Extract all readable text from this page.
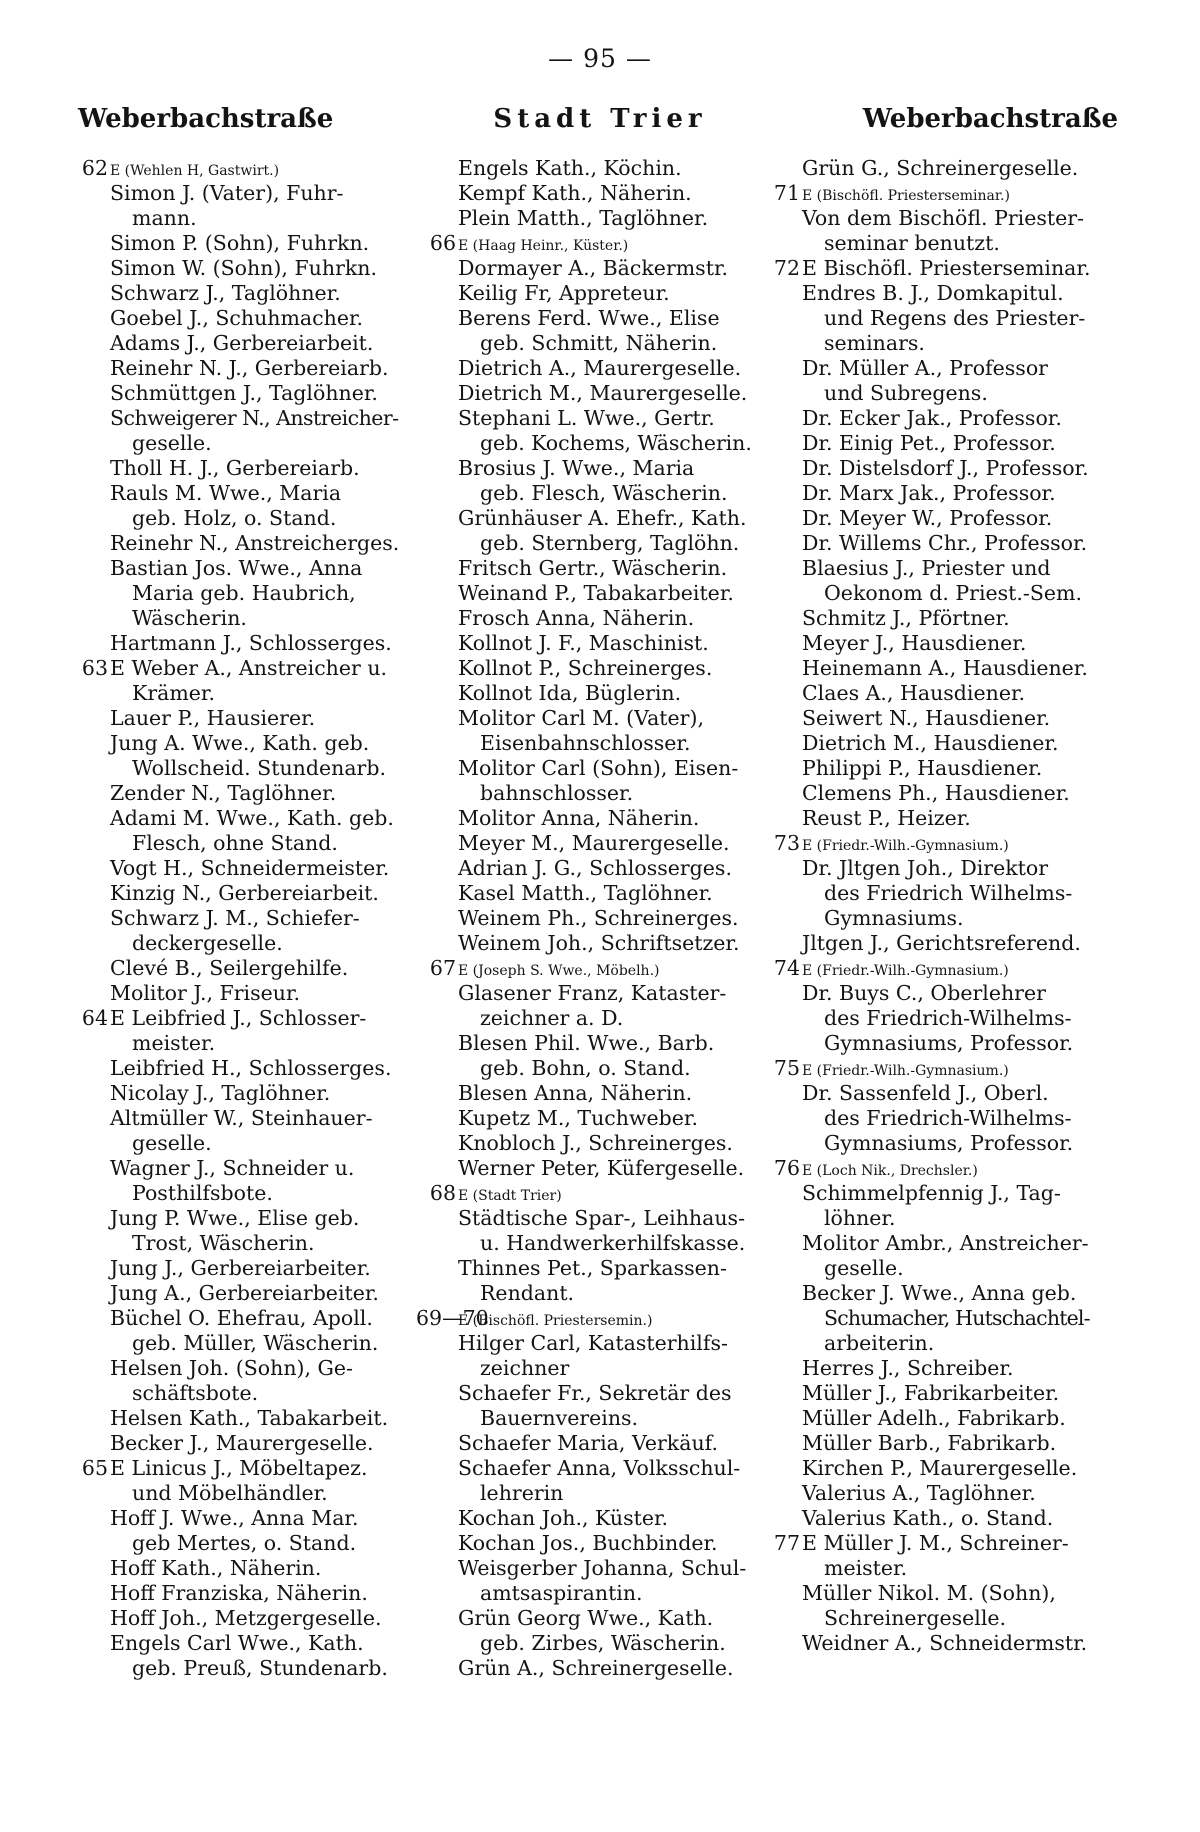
— 95 —
Weberbachstraße	Stadt Trier	Weberbachstraße
62 E (Wehlen H, Gastwirt.)
Simon J. (Vater), Fuhr-
mann.
Simon P. (Sohn), Fuhrkn.
Simon W. (Sohn), Fuhrkn.
Schwarz J., Taglöhner.
Goebel J., Schuhmacher.
Adams J., Gerbereiarbeit.
Reinehr N. J., Gerbereiarb.
Schmüttgen J., Taglöhner.
Schweigerer N., Anstreicher-
geselle.
Tholl H. J., Gerbereiarb.
Rauls M. Wwe., Maria
geb. Holz, o. Stand.
Reinehr N., Anstreicherges.
Bastian Jos. Wwe., Anna
Maria geb. Haubrich,
Wäscherin.
Hartmann J., Schlosserges.
63 E Weber A., Anstreicher u.
Krämer.
Lauer P., Hausierer.
Jung A. Wwe., Kath. geb.
Wollscheid. Stundenarb.
Zender N., Taglöhner.
Adami M. Wwe., Kath. geb.
Flesch, ohne Stand.
Vogt H., Schneidermeister.
Kinzig N., Gerbereiarbeit.
Schwarz J. M., Schiefer-
deckergeselle.
Clevé B., Seilergehilfe.
Molitor J., Friseur.
64 E Leibfried J., Schlosser-
meister.
Leibfried H., Schlosserges.
Nicolay J., Taglöhner.
Altmüller W., Steinhauer-
geselle.
Wagner J., Schneider u.
Posthilfsbote.
Jung P. Wwe., Elise geb.
Trost, Wäscherin.
Jung J., Gerbereiarbeiter.
Jung A., Gerbereiarbeiter.
Büchel O. Ehefrau, Apoll.
geb. Müller, Wäscherin.
Helsen Joh. (Sohn), Ge-
schäftsbote.
Helsen Kath., Tabakarbeit.
Becker J., Maurergeselle.
65 E Linicus J., Möbeltapez.
und Möbelhändler.
Hoff J. Wwe., Anna Mar.
geb Mertes, o. Stand.
Hoff Kath., Näherin.
Hoff Franziska, Näherin.
Hoff Joh., Metzgergeselle.
Engels Carl Wwe., Kath.
geb. Preuß, Stundenarb.
Engels Kath., Köchin.
Kempf Kath., Näherin.
Plein Matth., Taglöhner.
66 E (Haag Heinr., Küster.)
Dormayer A., Bäckermstr.
Keilig Fr, Appreteur.
Berens Ferd. Wwe., Elise
geb. Schmitt, Näherin.
Dietrich A., Maurergeselle.
Dietrich M., Maurergeselle.
Stephani L. Wwe., Gertr.
geb. Kochems, Wäscherin.
Brosius J. Wwe., Maria
geb. Flesch, Wäscherin.
Grünhäuser A. Ehefr., Kath.
geb. Sternberg, Taglöhn.
Fritsch Gertr., Wäscherin.
Weinand P., Tabakarbeiter.
Frosch Anna, Näherin.
Kollnot J. F., Maschinist.
Kollnot P., Schreinerges.
Kollnot Ida, Büglerin.
Molitor Carl M. (Vater),
Eisenbahnschlosser.
Molitor Carl (Sohn), Eisen-
bahnschlosser.
Molitor Anna, Näherin.
Meyer M., Maurergeselle.
Adrian J. G., Schlosserges.
Kasel Matth., Taglöhner.
Weinem Ph., Schreinerges.
Weinem Joh., Schriftsetzer.
67 E (Joseph S. Wwe., Möbelh.)
Glasener Franz, Kataster-
zeichner a. D.
Blesen Phil. Wwe., Barb.
geb. Bohn, o. Stand.
Blesen Anna, Näherin.
Kupetz M., Tuchweber.
Knobloch J., Schreinerges.
Werner Peter, Küfergeselle.
68 E (Stadt Trier)
Städtische Spar-, Leihhaus-
u. Handwerkerhilfskasse.
Thinnes Pet., Sparkassen-
Rendant.
69—70
E (Bischöfl. Priestersemin.)
Hilger Carl, Katasterhilfs-
zeichner
Schaefer Fr., Sekretär des
Bauernvereins.
Schaefer Maria, Verkäuf.
Schaefer Anna, Volksschul-
lehrerin
Kochan Joh., Küster.
Kochan Jos., Buchbinder.
Weisgerber Johanna, Schul-
amtsaspirantin.
Grün Georg Wwe., Kath.
geb. Zirbes, Wäscherin.
Grün A., Schreinergeselle.
Grün G., Schreinergeselle.
71 E (Bischöfl. Priesterseminar.)
Von dem Bischöfl. Priester-
seminar benutzt.
72 E Bischöfl. Priesterseminar.
Endres B. J., Domkapitul.
und Regens des Priester-
seminars.
Dr. Müller A., Professor
und Subregens.
Dr. Ecker Jak., Professor.
Dr. Einig Pet., Professor.
Dr. Distelsdorf J., Professor.
Dr. Marx Jak., Professor.
Dr. Meyer W., Professor.
Dr. Willems Chr., Professor.
Blaesius J., Priester und
Oekonom d. Priest.-Sem.
Schmitz J., Pförtner.
Meyer J., Hausdiener.
Heinemann A., Hausdiener.
Claes A., Hausdiener.
Seiwert N., Hausdiener.
Dietrich M., Hausdiener.
Philippi P., Hausdiener.
Clemens Ph., Hausdiener.
Reust P., Heizer.
73 E (Friedr.-Wilh.-Gymnasium.)
Dr. Jltgen Joh., Direktor
des Friedrich Wilhelms-
Gymnasiums.
Jltgen J., Gerichtsreferend.
74 E (Friedr.-Wilh.-Gymnasium.)
Dr. Buys C., Oberlehrer
des Friedrich-Wilhelms-
Gymnasiums, Professor.
75 E (Friedr.-Wilh.-Gymnasium.)
Dr. Sassenfeld J., Oberl.
des Friedrich-Wilhelms-
Gymnasiums, Professor.
76 E (Loch Nik., Drechsler.)
Schimmelpfennig J., Tag-
löhner.
Molitor Ambr., Anstreicher-
geselle.
Becker J. Wwe., Anna geb.
Schumacher, Hutschachtel-
arbeiterin.
Herres J., Schreiber.
Müller J., Fabrikarbeiter.
Müller Adelh., Fabrikarb.
Müller Barb., Fabrikarb.
Kirchen P., Maurergeselle.
Valerius A., Taglöhner.
Valerius Kath., o. Stand.
77 E Müller J. M., Schreiner-
meister.
Müller Nikol. M. (Sohn),
Schreinergeselle.
Weidner A., Schneidermstr.
